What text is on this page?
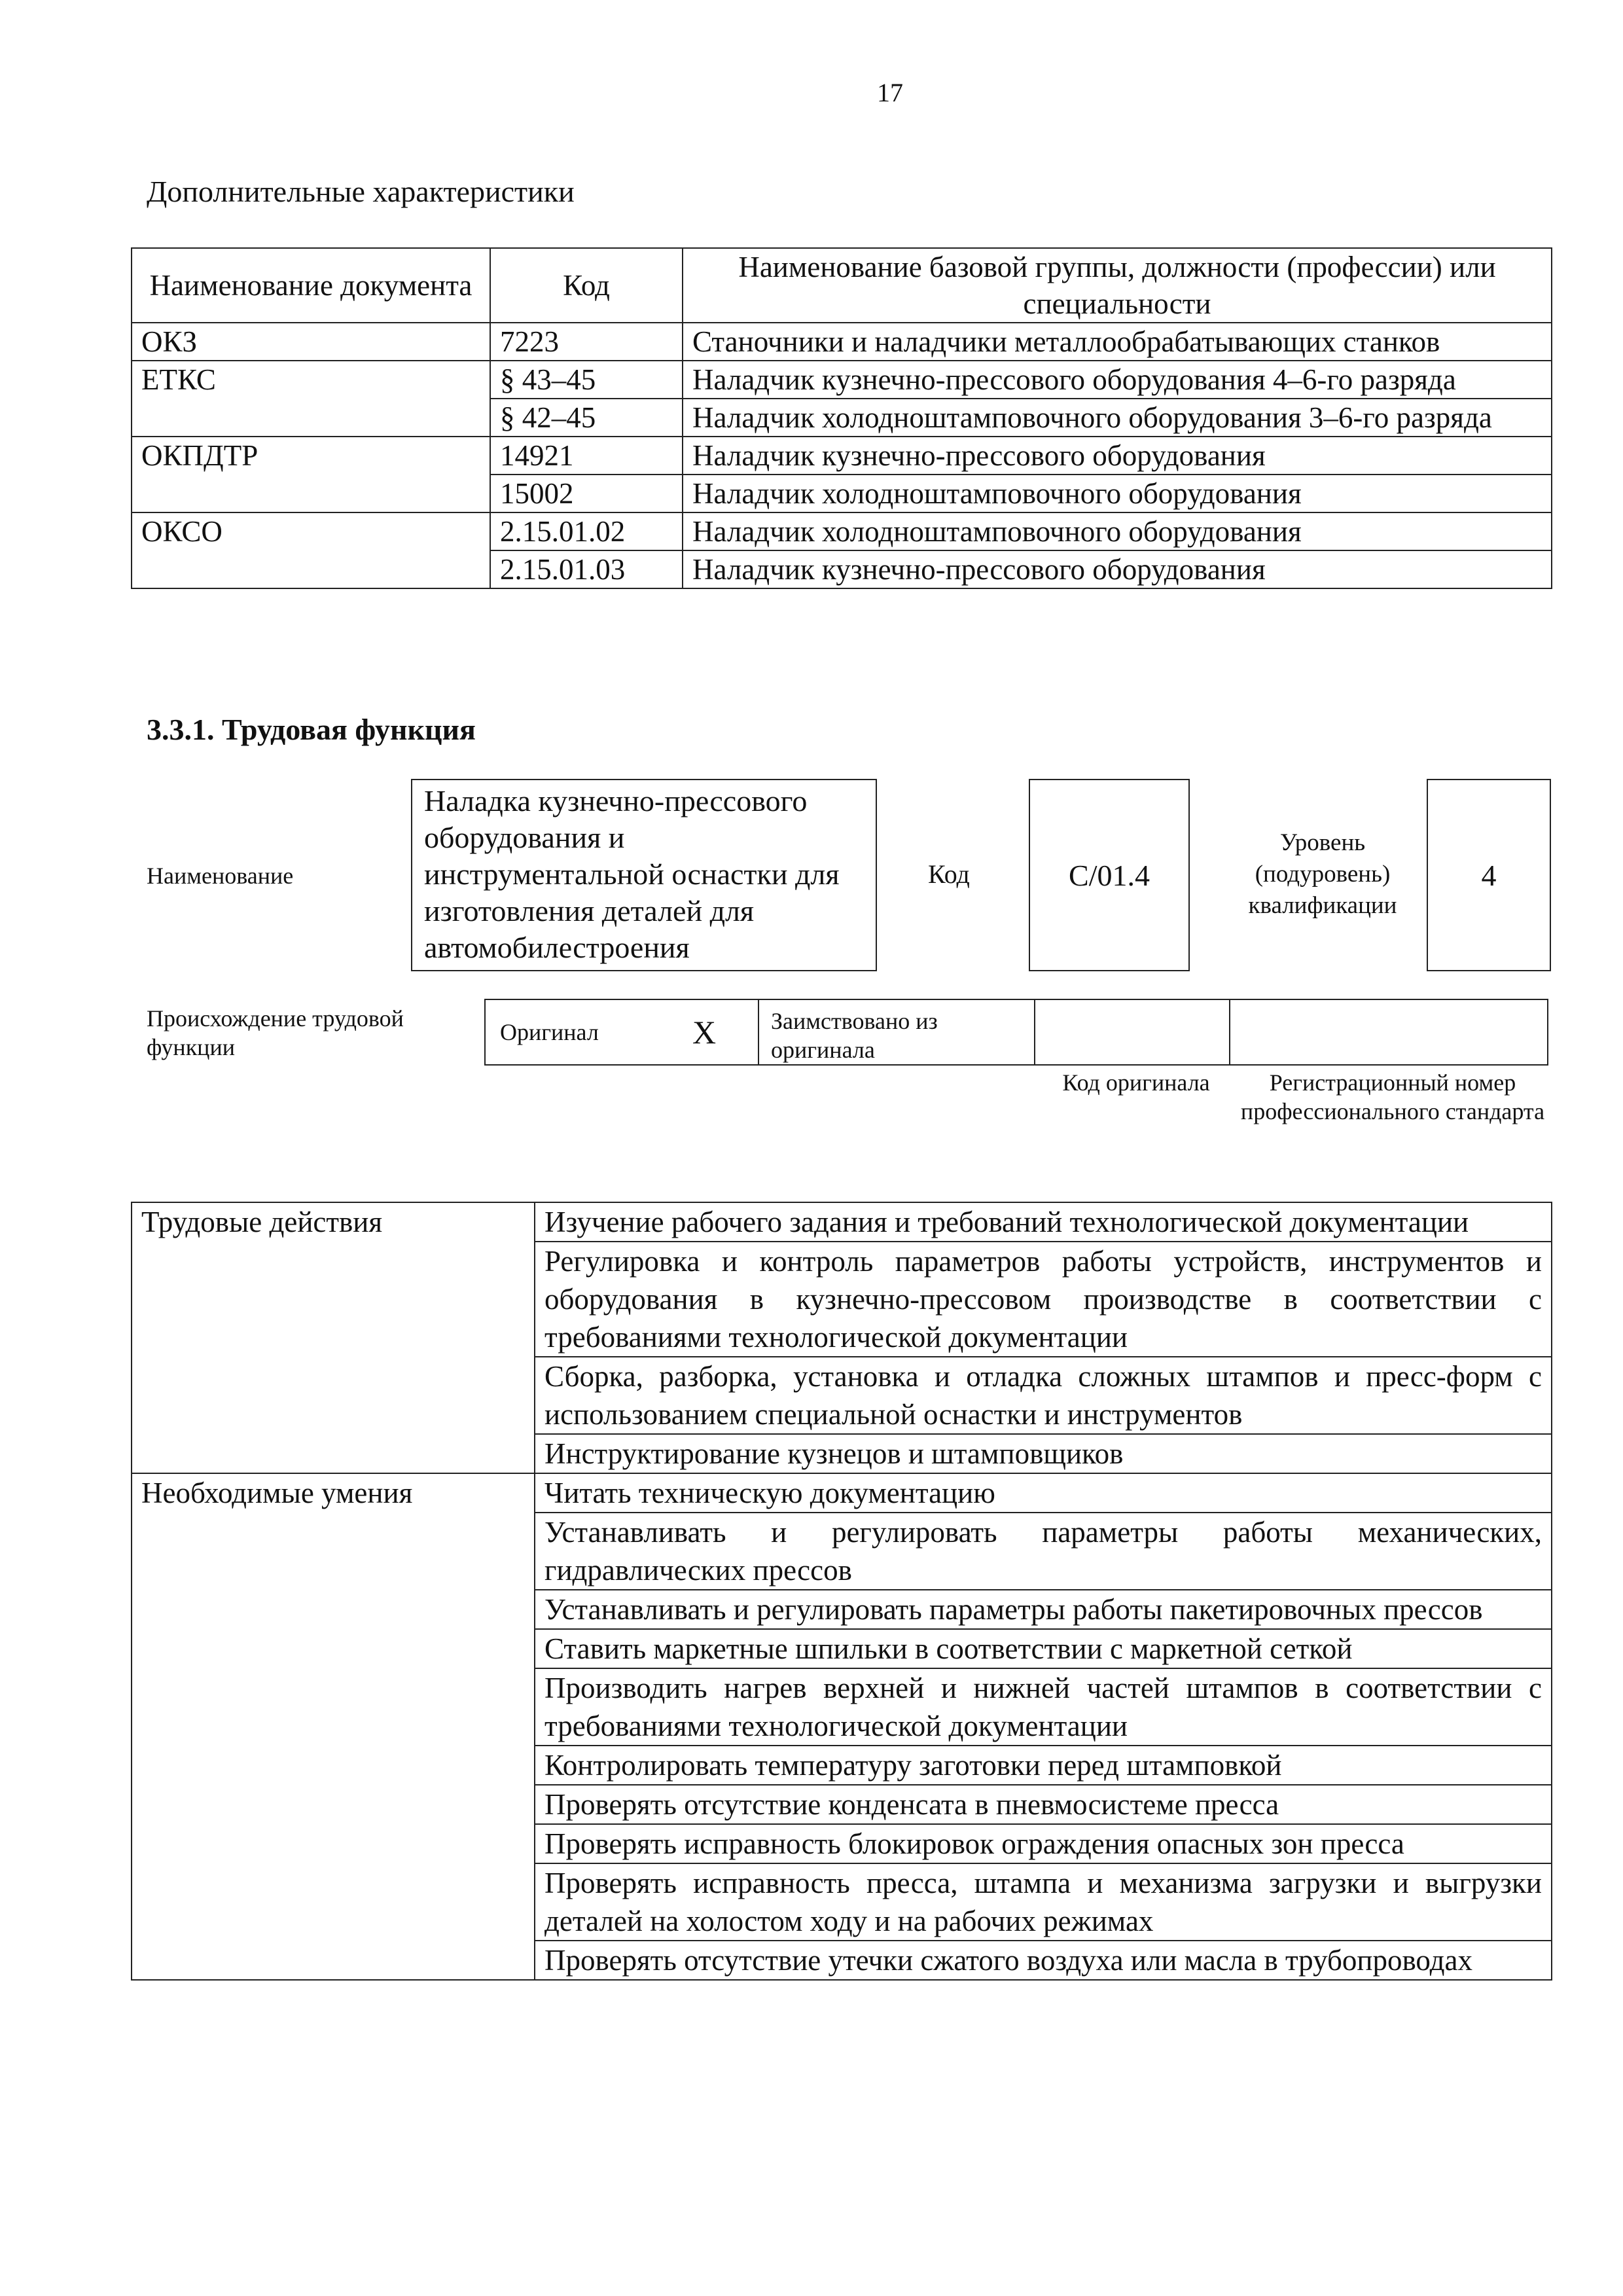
17
Дополнительные характеристики
Наименование документа	Код	Наименование базовой группы, должности (профессии) или специальности
ОКЗ	7223	Станочники и наладчики металлообрабатывающих станков
ЕТКС	§ 43–45	Наладчик кузнечно-прессового оборудования 4–6-го разряда
	§ 42–45	Наладчик холодноштамповочного оборудования 3–6-го разряда
ОКПДТР	14921	Наладчик кузнечно-прессового оборудования
	15002	Наладчик холодноштамповочного оборудования
ОКСО	2.15.01.02	Наладчик холодноштамповочного оборудования
	2.15.01.03	Наладчик кузнечно-прессового оборудования
3.3.1. Трудовая функция
Наименование
Наладка кузнечно-прессового оборудования и инструментальной оснастки для изготовления деталей для автомобилестроения
Код	С/01.4
Уровень (подуровень) квалификации
4
Происхождение трудовой функции
Оригинал	Х	Заимствовано из оригинала
Код оригинала	Регистрационный номер профессионального стандарта
Трудовые действия	Изучение рабочего задания и требований технологической документации
	Регулировка и контроль параметров работы устройств, инструментов и оборудования в кузнечно-прессовом производстве в соответствии с требованиями технологической документации
	Сборка, разборка, установка и отладка сложных штампов и пресс-форм с использованием специальной оснастки и инструментов
	Инструктирование кузнецов и штамповщиков
Необходимые умения	Читать техническую документацию
	Устанавливать и регулировать параметры работы механических, гидравлических прессов
	Устанавливать и регулировать параметры работы пакетировочных прессов
	Ставить маркетные шпильки в соответствии с маркетной сеткой
	Производить нагрев верхней и нижней частей штампов в соответствии с требованиями технологической документации
	Контролировать температуру заготовки перед штамповкой
	Проверять отсутствие конденсата в пневмосистеме пресса
	Проверять исправность блокировок ограждения опасных зон пресса
	Проверять исправность пресса, штампа и механизма загрузки и выгрузки деталей на холостом ходу и на рабочих режимах
	Проверять отсутствие утечки сжатого воздуха или масла в трубопроводах
